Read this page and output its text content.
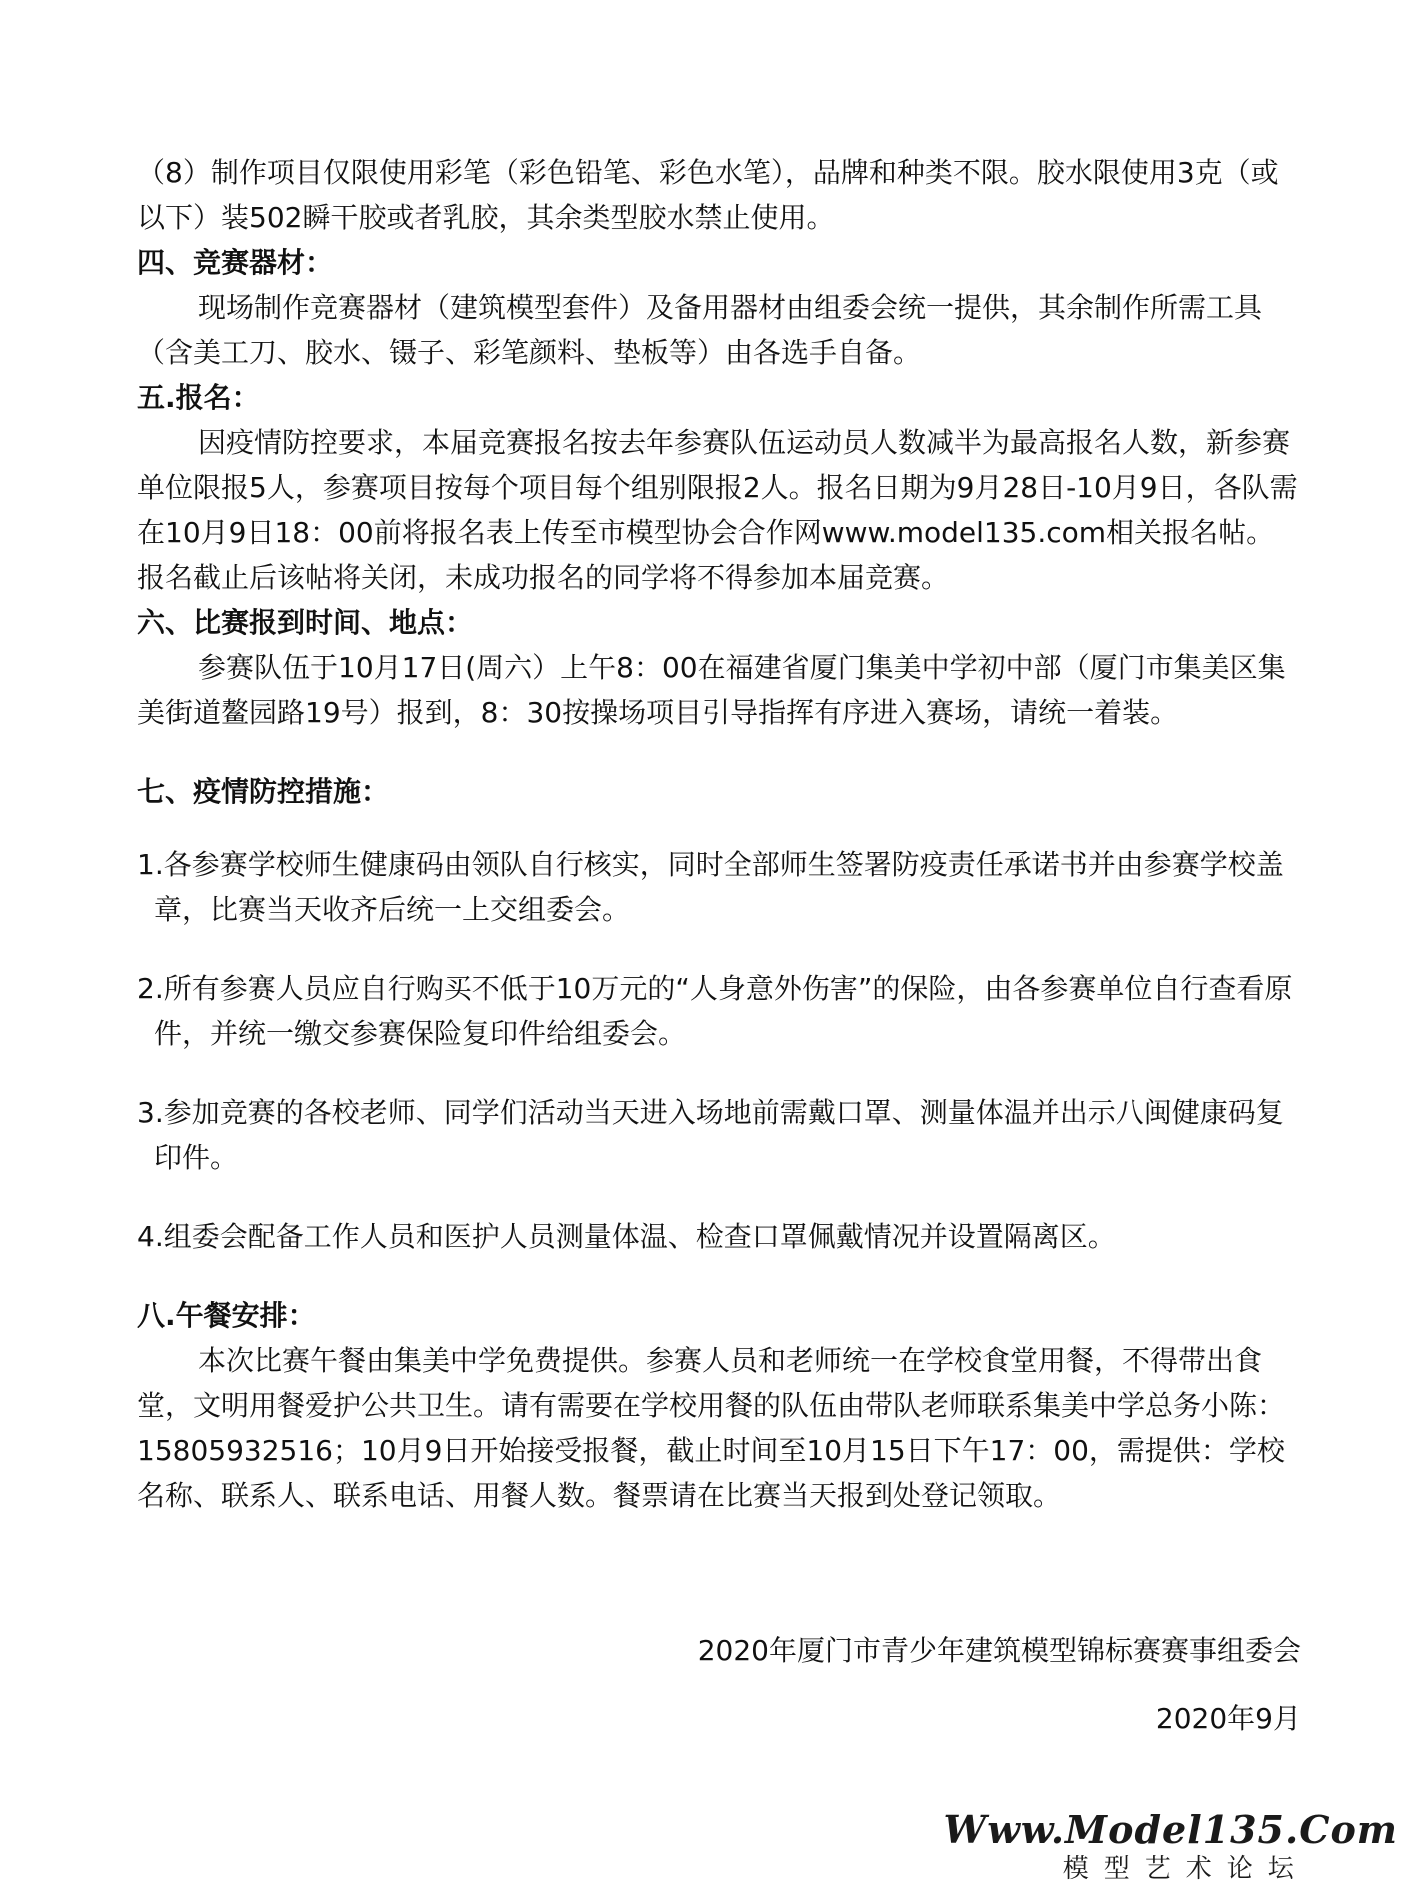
（8）制作项目仅限使用彩笔（彩色铅笔、彩色水笔），品牌和种类不限。胶水限使用3克（或以下）装502瞬干胶或者乳胶，其余类型胶水禁止使用。

四、竞赛器材：

现场制作竞赛器材（建筑模型套件）及备用器材由组委会统一提供，其余制作所需工具（含美工刀、胶水、镊子、彩笔颜料、垫板等）由各选手自备。

五.报名：

因疫情防控要求，本届竞赛报名按去年参赛队伍运动员人数减半为最高报名人数，新参赛单位限报5人，参赛项目按每个项目每个组别限报2人。报名日期为9月28日-10月9日，各队需在10月9日18：00前将报名表上传至市模型协会合作网www.model135.com相关报名帖。报名截止后该帖将关闭，未成功报名的同学将不得参加本届竞赛。

六、比赛报到时间、地点：

参赛队伍于10月17日(周六）上午8：00在福建省厦门集美中学初中部（厦门市集美区集美街道鳌园路19号）报到，8：30按操场项目引导指挥有序进入赛场，请统一着装。

七、疫情防控措施：

1.各参赛学校师生健康码由领队自行核实，同时全部师生签署防疫责任承诺书并由参赛学校盖章，比赛当天收齐后统一上交组委会。

2.所有参赛人员应自行购买不低于10万元的“人身意外伤害”的保险，由各参赛单位自行查看原件，并统一缴交参赛保险复印件给组委会。

3.参加竞赛的各校老师、同学们活动当天进入场地前需戴口罩、测量体温并出示八闽健康码复印件。

4.组委会配备工作人员和医护人员测量体温、检查口罩佩戴情况并设置隔离区。

八.午餐安排：

本次比赛午餐由集美中学免费提供。参赛人员和老师统一在学校食堂用餐，不得带出食堂，文明用餐爱护公共卫生。请有需要在学校用餐的队伍由带队老师联系集美中学总务小陈：15805932516；10月9日开始接受报餐，截止时间至10月15日下午17：00，需提供：学校名称、联系人、联系电话、用餐人数。餐票请在比赛当天报到处登记领取。

2020年厦门市青少年建筑模型锦标赛赛事组委会
2020年9月
Www.Model135.Com
模型艺术论坛
